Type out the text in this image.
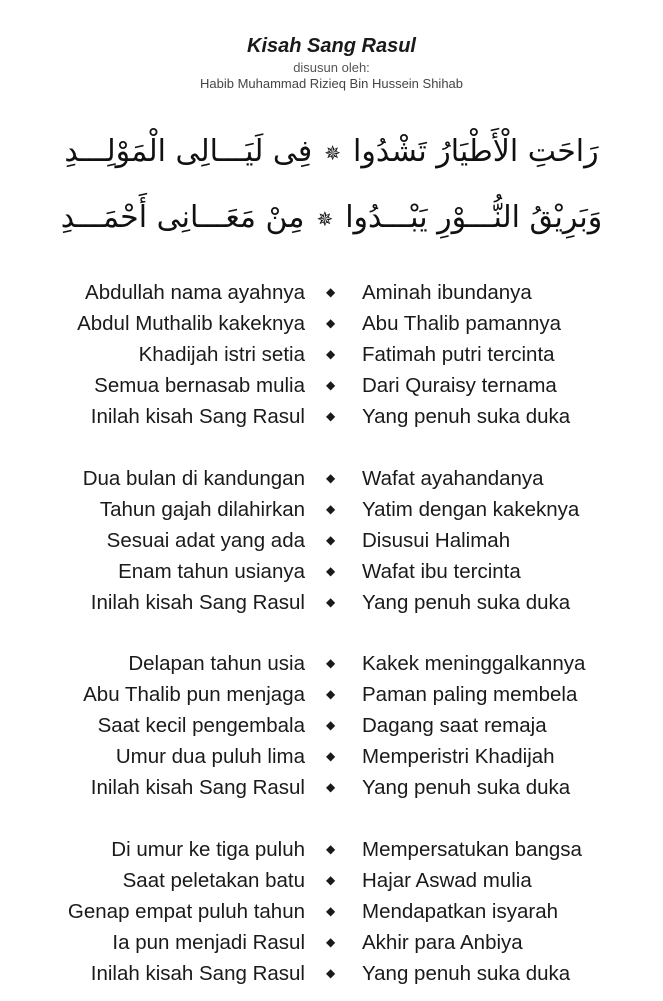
Kisah Sang Rasul
disusun oleh:
Habib Muhammad Rizieq Bin Hussein Shihab
رَاحَتِ الْأَطْيَارُ تَشْدُوا✵فِى لَيَـــالِى الْمَوْلِـــدِ
وَبَرِيْقُ النُّـــوْرِ يَبْـــدُوا✵مِنْ مَعَـــانِى أَحْمَـــدِ
Abdullah nama ayahnya ◆ Aminah ibundanya
Abdul Muthalib kakeknya ◆ Abu Thalib pamannya
Khadijah istri setia ◆ Fatimah putri tercinta
Semua bernasab mulia ◆ Dari Quraisy ternama
Inilah kisah Sang Rasul ◆ Yang penuh suka duka
Dua bulan di kandungan ◆ Wafat ayahandanya
Tahun gajah dilahirkan ◆ Yatim dengan kakeknya
Sesuai adat yang ada ◆ Disusui Halimah
Enam tahun usianya ◆ Wafat ibu tercinta
Inilah kisah Sang Rasul ◆ Yang penuh suka duka
Delapan tahun usia ◆ Kakek meninggalkannya
Abu Thalib pun menjaga ◆ Paman paling membela
Saat kecil pengembala ◆ Dagang saat remaja
Umur dua puluh lima ◆ Memperistri Khadijah
Inilah kisah Sang Rasul ◆ Yang penuh suka duka
Di umur ke tiga puluh ◆ Mempersatukan bangsa
Saat peletakan batu ◆ Hajar Aswad mulia
Genap empat puluh tahun ◆ Mendapatkan isyarah
Ia pun menjadi Rasul ◆ Akhir para Anbiya
Inilah kisah Sang Rasul ◆ Yang penuh suka duka
